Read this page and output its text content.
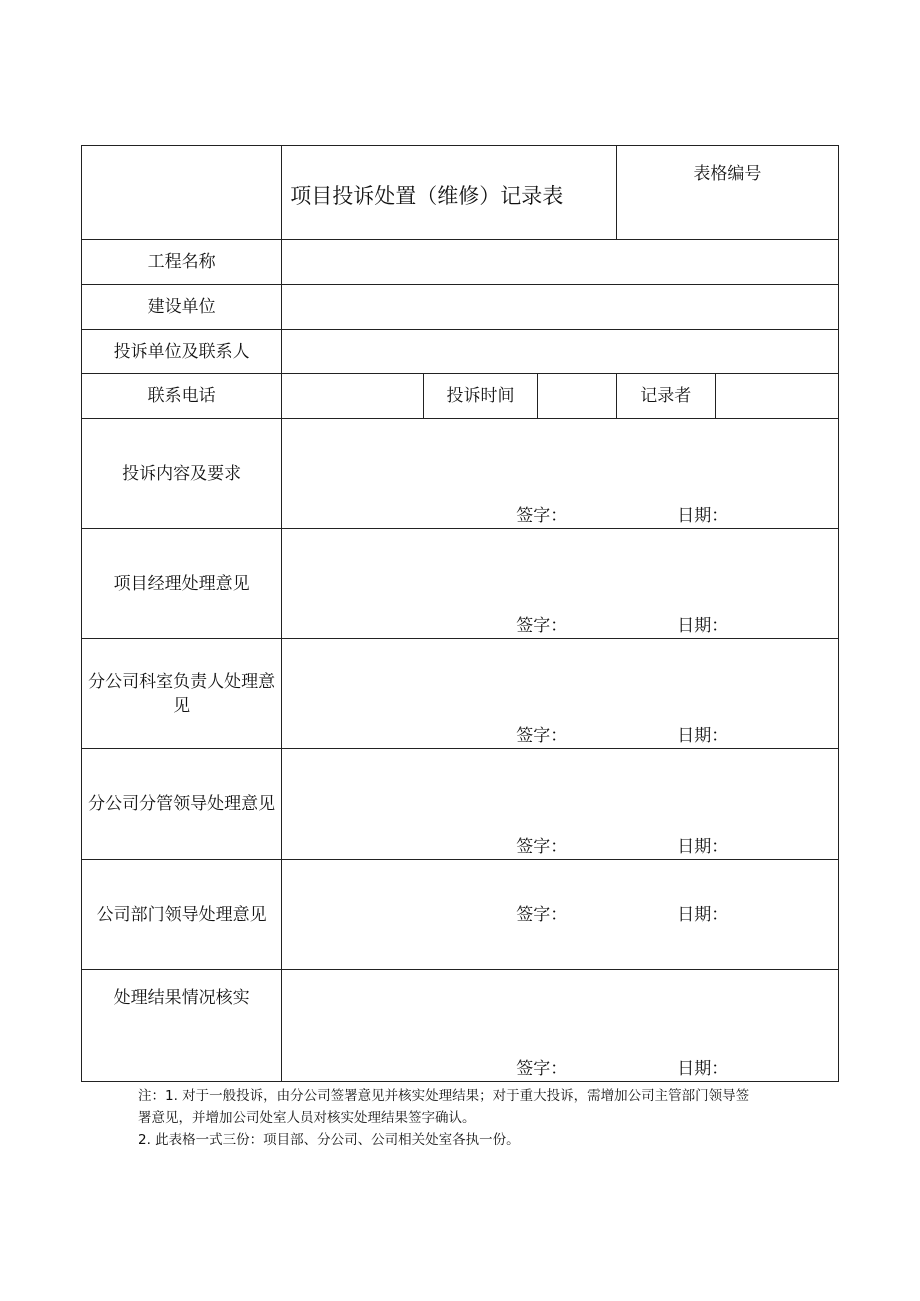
	项目投诉处置（维修）记录表			表格编号	
工程名称					
建设单位					
投诉单位及联系人					
联系电话		投诉时间		记录者	
投诉内容及要求	签字： 日期：				

项目经理处理意见	签字： 日期：				

分公司科室负责人处理意见	签字： 日期：				

分公司分管领导处理意见	签字： 日期：				

公司部门领导处理意见	签字： 日期：				

处理结果情况核实	签字： 日期：				

注：1. 对于一般投诉，由分公司签署意见并核实处理结果；对于重大投诉，需增加公司主管部门领导签

署意见，并增加公司处室人员对核实处理结果签字确认。

2. 此表格一式三份：项目部、分公司、公司相关处室各执一份。
